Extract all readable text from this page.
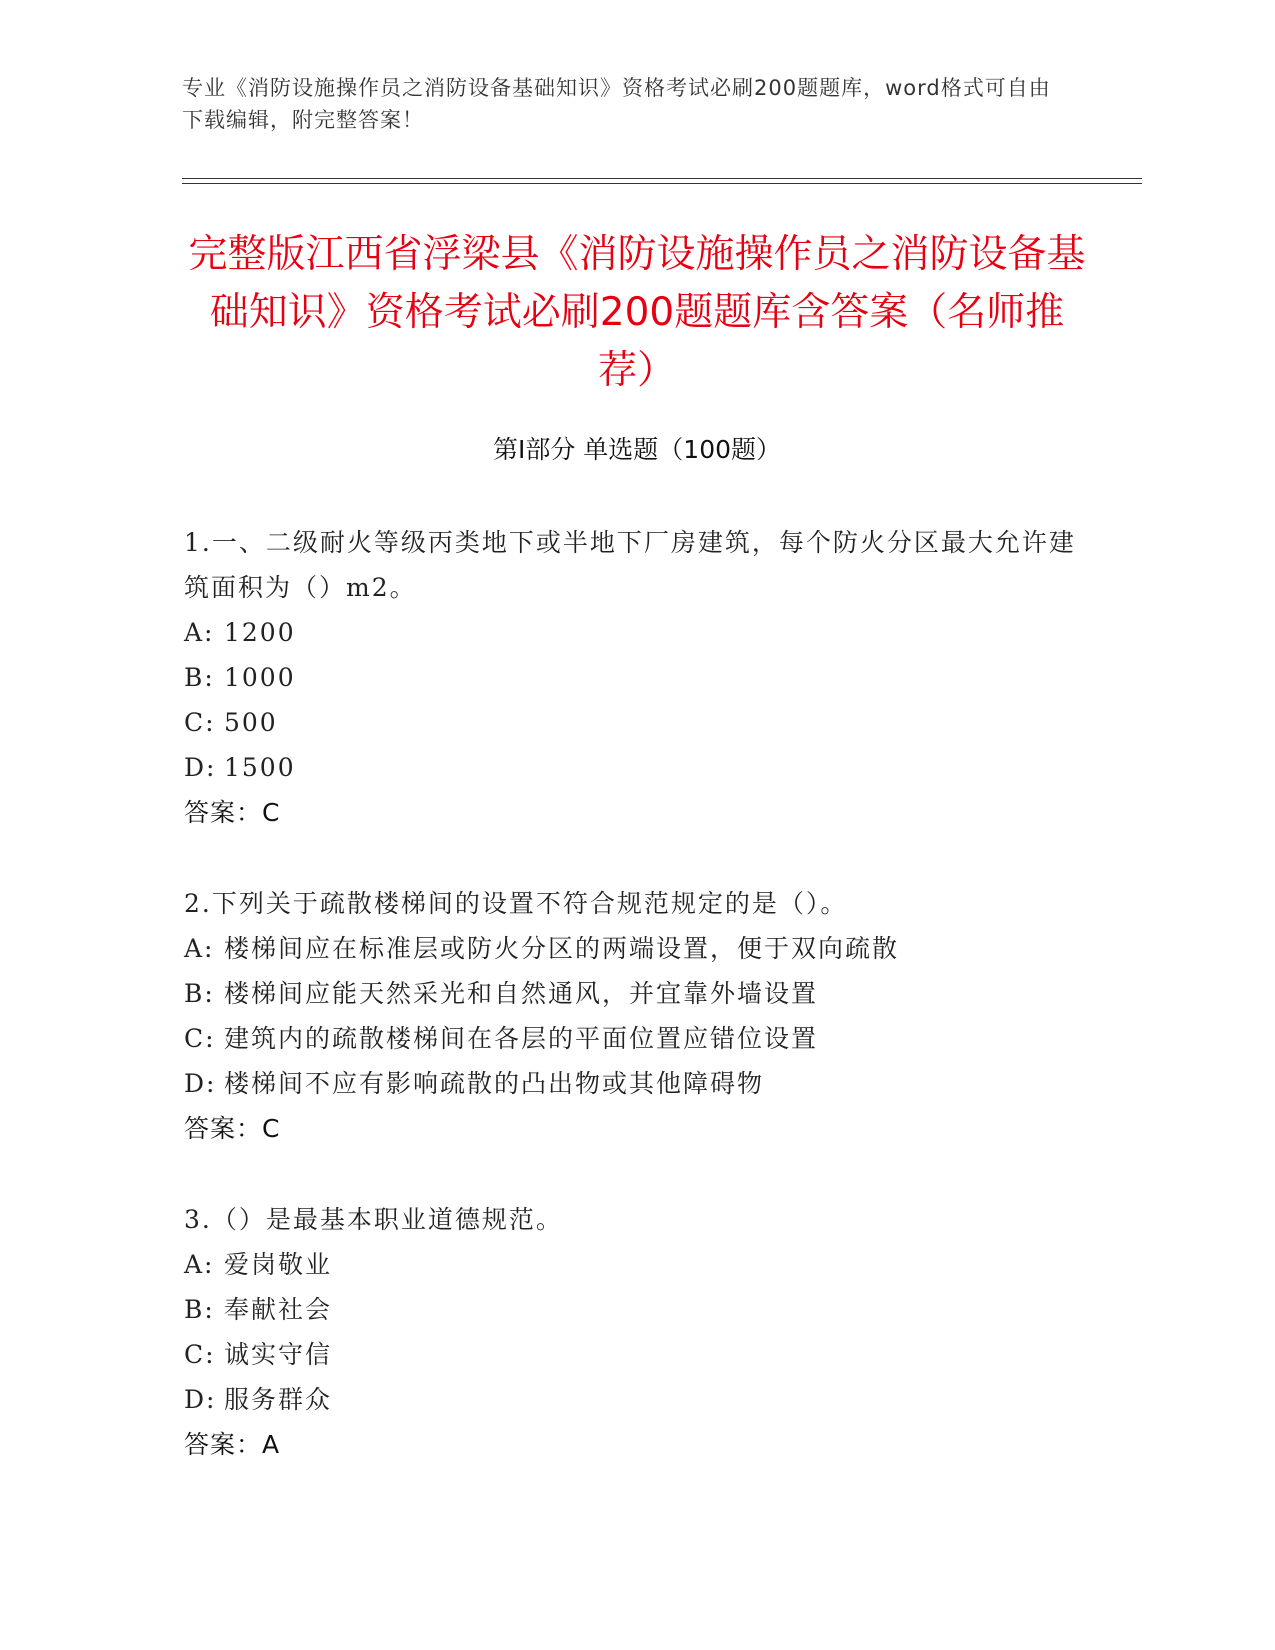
专业《消防设施操作员之消防设备基础知识》资格考试必刷200题题库，word格式可自由下载编辑，附完整答案！
完整版江西省浮梁县《消防设施操作员之消防设备基础知识》资格考试必刷200题题库含答案（名师推荐）
第Ⅰ部分 单选题（100题）
1.一、二级耐火等级丙类地下或半地下厂房建筑，每个防火分区最大允许建筑面积为（）m2。
A: 1200
B: 1000
C: 500
D: 1500
答案：C
2.下列关于疏散楼梯间的设置不符合规范规定的是（）。
A: 楼梯间应在标准层或防火分区的两端设置，便于双向疏散
B: 楼梯间应能天然采光和自然通风，并宜靠外墙设置
C: 建筑内的疏散楼梯间在各层的平面位置应错位设置
D: 楼梯间不应有影响疏散的凸出物或其他障碍物
答案：C
3.（）是最基本职业道德规范。
A: 爱岗敬业
B: 奉献社会
C: 诚实守信
D: 服务群众
答案：A
